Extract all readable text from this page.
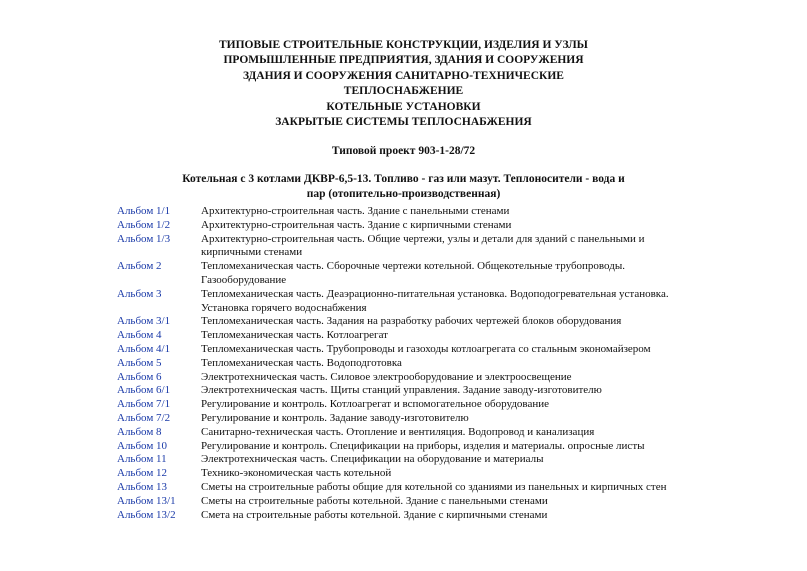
ТИПОВЫЕ СТРОИТЕЛЬНЫЕ КОНСТРУКЦИИ, ИЗДЕЛИЯ И УЗЛЫ
ПРОМЫШЛЕННЫЕ ПРЕДПРИЯТИЯ, ЗДАНИЯ И СООРУЖЕНИЯ
ЗДАНИЯ И СООРУЖЕНИЯ САНИТАРНО-ТЕХНИЧЕСКИЕ
ТЕПЛОСНАБЖЕНИЕ
КОТЕЛЬНЫЕ УСТАНОВКИ
ЗАКРЫТЫЕ СИСТЕМЫ ТЕПЛОСНАБЖЕНИЯ
Типовой проект 903-1-28/72
Котельная с 3 котлами ДКВР-6,5-13. Топливо - газ или мазут. Теплоносители - вода и
пар (отопительно-производственная)
Альбом 1/1	Архитектурно-строительная часть. Здание с панельными стенами
Альбом 1/2	Архитектурно-строительная часть. Здание с кирпичными стенами
Альбом 1/3	Архитектурно-строительная часть. Общие чертежи, узлы и детали для зданий с панельными и
кирпичными стенами
Альбом 2	Тепломеханическая часть. Сборочные чертежи котельной. Общекотельные трубопроводы.
Газооборудование
Альбом 3	Тепломеханическая часть. Деаэрационно-питательная установка. Водоподогревательная установка.
Установка горячего водоснабжения
Альбом 3/1	Тепломеханическая часть. Задания на разработку рабочих чертежей блоков оборудования
Альбом 4	Тепломеханическая часть. Котлоагрегат
Альбом 4/1	Тепломеханическая часть. Трубопроводы и газоходы котлоагрегата со стальным экономайзером
Альбом 5	Тепломеханическая часть. Водоподготовка
Альбом 6	Электротехническая часть. Силовое электрооборудование и электроосвещение
Альбом 6/1	Электротехническая часть. Щиты станций управления. Задание заводу-изготовителю
Альбом 7/1	Регулирование и контроль. Котлоагрегат и вспомогательное оборудование
Альбом 7/2	Регулирование и контроль. Задание заводу-изготовителю
Альбом 8	Санитарно-техническая часть. Отопление и вентиляция. Водопровод и канализация
Альбом 10	Регулирование и контроль. Спецификации на приборы, изделия и материалы. опросные листы
Альбом 11	Электротехническая часть. Спецификации на оборудование и материалы
Альбом 12	Технико-экономическая часть котельной
Альбом 13	Сметы на строительные работы общие для котельной со зданиями из панельных и кирпичных стен
Альбом 13/1	Сметы на строительные работы котельной. Здание с панельными стенами
Альбом 13/2	Смета на строительные работы котельной. Здание с кирпичными стенами
